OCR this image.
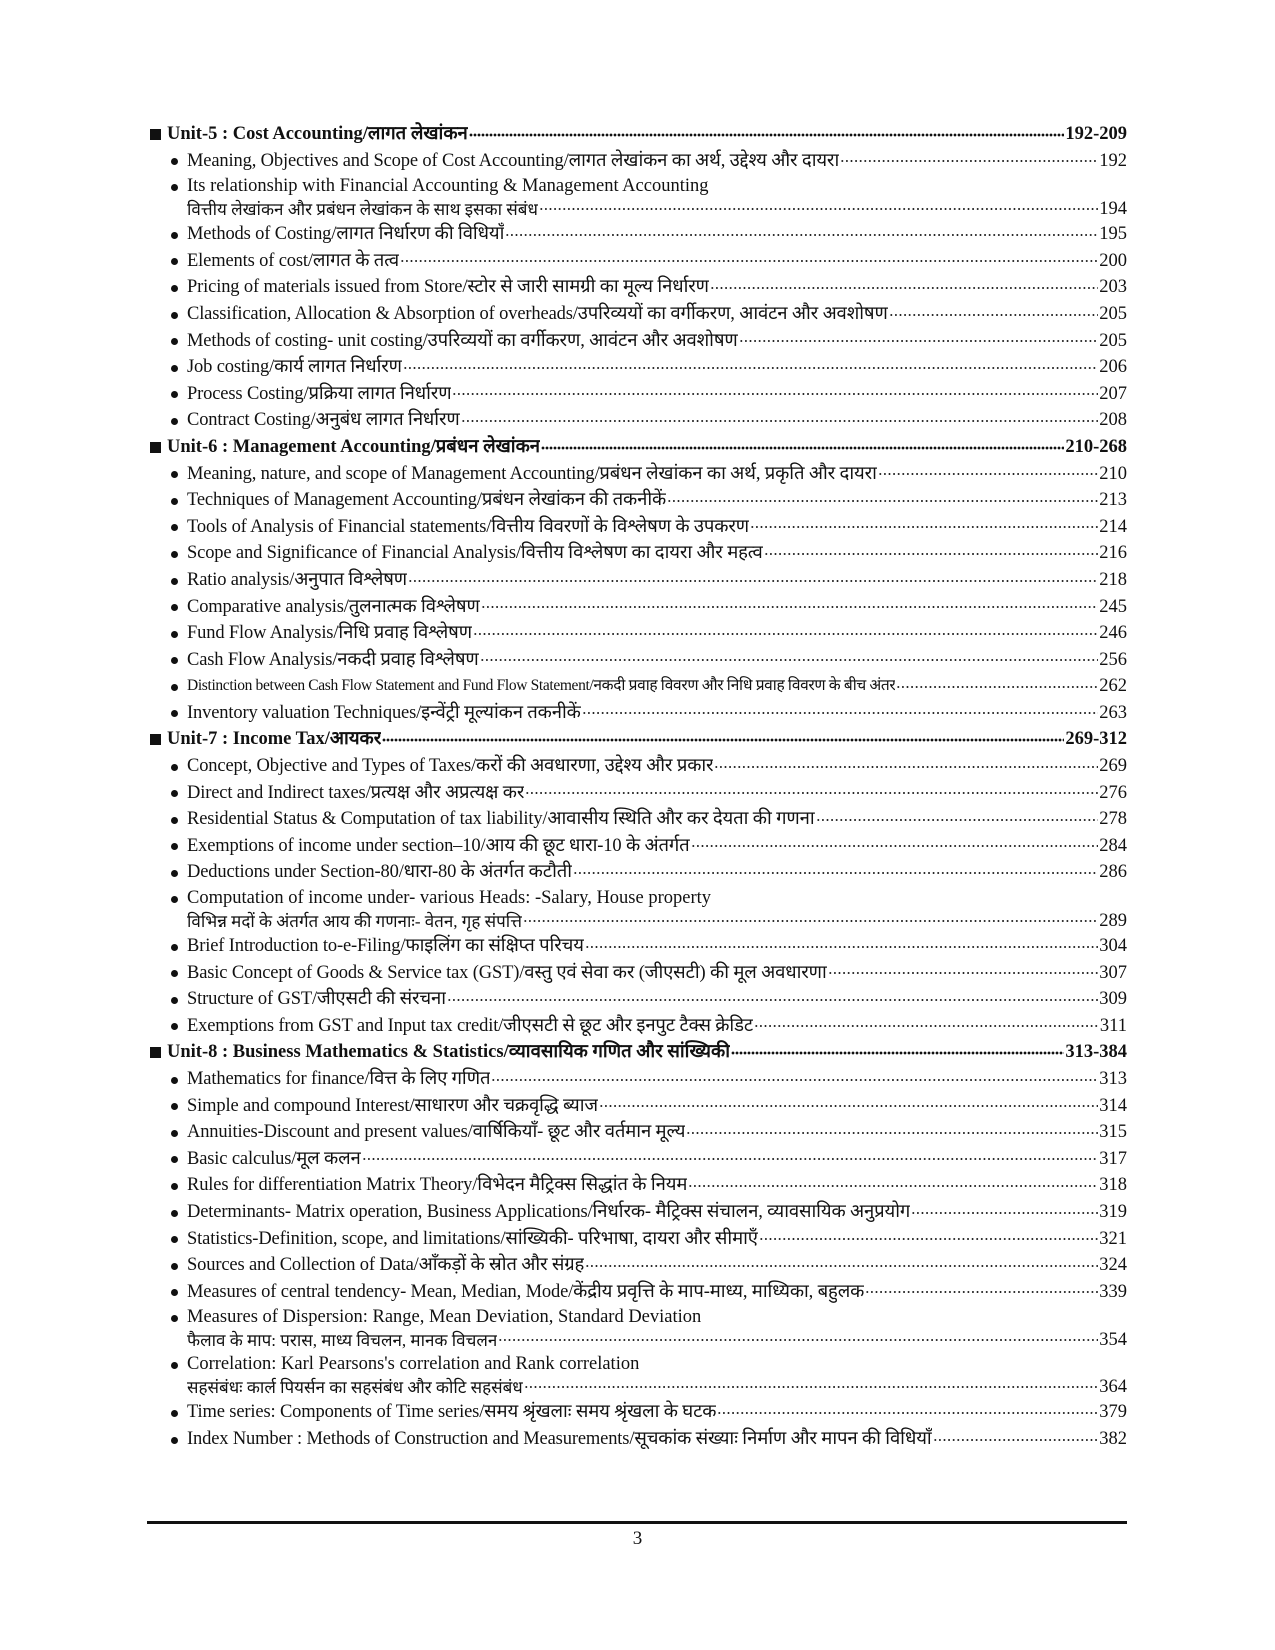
Unit-5 : Cost Accounting/लागत लेखांकन	192-209
Meaning, Objectives and Scope of Cost Accounting/लागत लेखांकन का अर्थ, उद्देश्य और दायरा	192
Its relationship with Financial Accounting & Management Accounting
वित्तीय लेखांकन और प्रबंधन लेखांकन के साथ इसका संबंध	194
Methods of Costing/लागत निर्धारण की विधियाँ	195
Elements of cost/लागत के तत्व	200
Pricing of materials issued from Store/स्टोर से जारी सामग्री का मूल्य निर्धारण	203
Classification, Allocation & Absorption of overheads/उपरिव्ययों का वर्गीकरण, आवंटन और अवशोषण	205
Methods of costing- unit costing/उपरिव्ययों का वर्गीकरण, आवंटन और अवशोषण	205
Job costing/कार्य लागत निर्धारण	206
Process Costing/प्रक्रिया लागत निर्धारण	207
Contract Costing/अनुबंध लागत निर्धारण	208
Unit-6 : Management Accounting/प्रबंधन लेखांकन	210-268
Meaning, nature, and scope of Management Accounting/प्रबंधन लेखांकन का अर्थ, प्रकृति और दायरा	210
Techniques of Management Accounting/प्रबंधन लेखांकन की तकनीकें	213
Tools of Analysis of Financial statements/वित्तीय विवरणों के विश्लेषण के उपकरण	214
Scope and Significance of Financial Analysis/वित्तीय विश्लेषण का दायरा और महत्व	216
Ratio analysis/अनुपात विश्लेषण	218
Comparative analysis/तुलनात्मक विश्लेषण	245
Fund Flow Analysis/निधि प्रवाह विश्लेषण	246
Cash Flow Analysis/नकदी प्रवाह विश्लेषण	256
Distinction between Cash Flow Statement and Fund Flow Statement/नकदी प्रवाह विवरण और निधि प्रवाह विवरण के बीच अंतर	262
Inventory valuation Techniques/इन्वेंट्री मूल्यांकन तकनीकें	263
Unit-7 : Income Tax/आयकर	269-312
Concept, Objective and Types of Taxes/करों की अवधारणा, उद्देश्य और प्रकार	269
Direct and Indirect taxes/प्रत्यक्ष और अप्रत्यक्ष कर	276
Residential Status & Computation of tax liability/आवासीय स्थिति और कर देयता की गणना	278
Exemptions of income under section–10/आय की छूट धारा-10 के अंतर्गत	284
Deductions under Section-80/धारा-80 के अंतर्गत कटौती	286
Computation of income under- various Heads: -Salary, House property
विभिन्न मदों के अंतर्गत आय की गणनाः- वेतन, गृह संपत्ति	289
Brief Introduction to-e-Filing/फाइलिंग का संक्षिप्त परिचय	304
Basic Concept of Goods & Service tax (GST)/वस्तु एवं सेवा कर (जीएसटी) की मूल अवधारणा	307
Structure of GST/जीएसटी की संरचना	309
Exemptions from GST and Input tax credit/जीएसटी से छूट और इनपुट टैक्स क्रेडिट	311
Unit-8 : Business Mathematics & Statistics/व्यावसायिक गणित और सांख्यिकी	313-384
Mathematics for finance/वित्त के लिए गणित	313
Simple and compound Interest/साधारण और चक्रवृद्धि ब्याज	314
Annuities-Discount and present values/वार्षिकियाँ- छूट और वर्तमान मूल्य	315
Basic calculus/मूल कलन	317
Rules for differentiation Matrix Theory/विभेदन मैट्रिक्स सिद्धांत के नियम	318
Determinants- Matrix operation, Business Applications/निर्धारक- मैट्रिक्स संचालन, व्यावसायिक अनुप्रयोग	319
Statistics-Definition, scope, and limitations/सांख्यिकी- परिभाषा, दायरा और सीमाएँ	321
Sources and Collection of Data/आँकड़ों के स्रोत और संग्रह	324
Measures of central tendency- Mean, Median, Mode/केंद्रीय प्रवृत्ति के माप-माध्य, माध्यिका, बहुलक	339
Measures of Dispersion: Range, Mean Deviation, Standard Deviation
फैलाव के माप: परास, माध्य विचलन, मानक विचलन	354
Correlation: Karl Pearsons's correlation and Rank correlation
सहसंबंधः कार्ल पियर्सन का सहसंबंध और कोटि सहसंबंध	364
Time series: Components of Time series/समय श्रृंखलाः समय श्रृंखला के घटक	379
Index Number : Methods of Construction and Measurements/सूचकांक संख्याः निर्माण और मापन की विधियाँ	382
3
